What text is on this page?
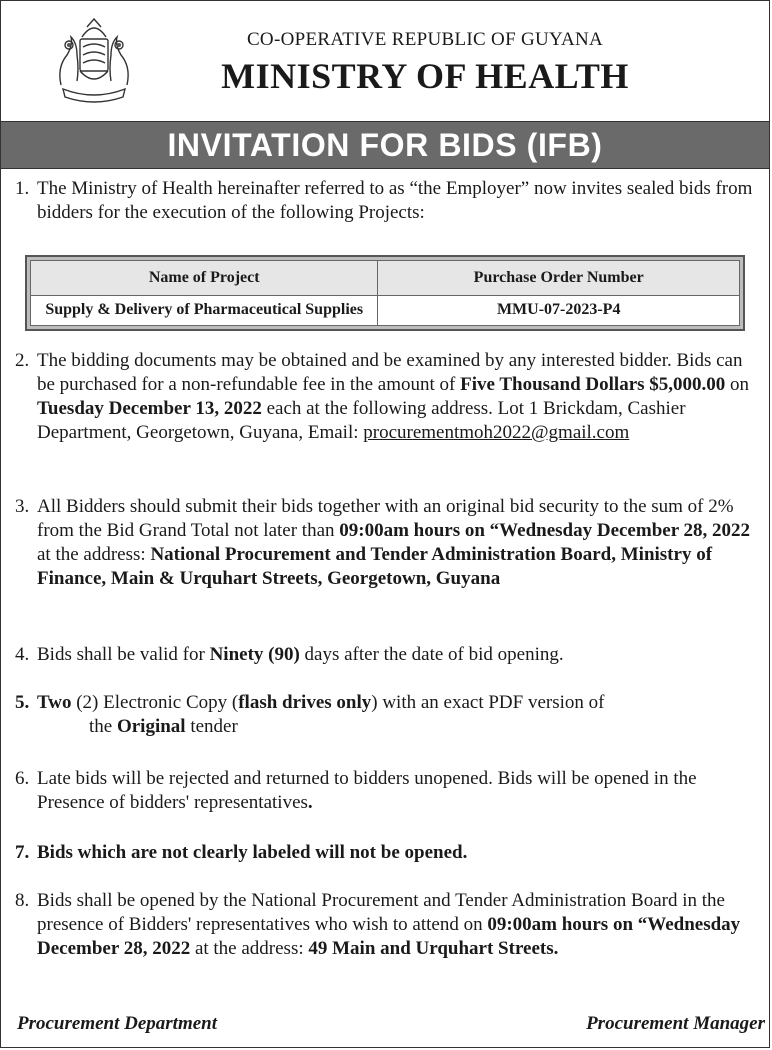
CO-OPERATIVE REPUBLIC OF GUYANA
MINISTRY OF HEALTH
INVITATION FOR BIDS (IFB)
1. The Ministry of Health hereinafter referred to as “the Employer” now invites sealed bids from bidders for the execution of the following Projects:
Name of Project	Purchase Order Number
Supply & Delivery of Pharmaceutical Supplies	MMU-07-2023-P4
2. The bidding documents may be obtained and be examined by any interested bidder. Bids can be purchased for a non-refundable fee in the amount of Five Thousand Dollars $5,000.00 on Tuesday December 13, 2022 each at the following address. Lot 1 Brickdam, Cashier Department, Georgetown, Guyana, Email: procurementmoh2022@gmail.com
3. All Bidders should submit their bids together with an original bid security to the sum of 2% from the Bid Grand Total not later than 09:00am hours on “Wednesday December 28, 2022 at the address: National Procurement and Tender Administration Board, Ministry of Finance, Main & Urquhart Streets, Georgetown, Guyana
4. Bids shall be valid for Ninety (90) days after the date of bid opening.
5. Two (2) Electronic Copy (flash drives only) with an exact PDF version of
the Original tender
6. Late bids will be rejected and returned to bidders unopened. Bids will be opened in the Presence of bidders' representatives.
7. Bids which are not clearly labeled will not be opened.
8. Bids shall be opened by the National Procurement and Tender Administration Board in the presence of Bidders' representatives who wish to attend on 09:00am hours on “Wednesday December 28, 2022 at the address: 49 Main and Urquhart Streets.
Procurement Department	Procurement Manager
